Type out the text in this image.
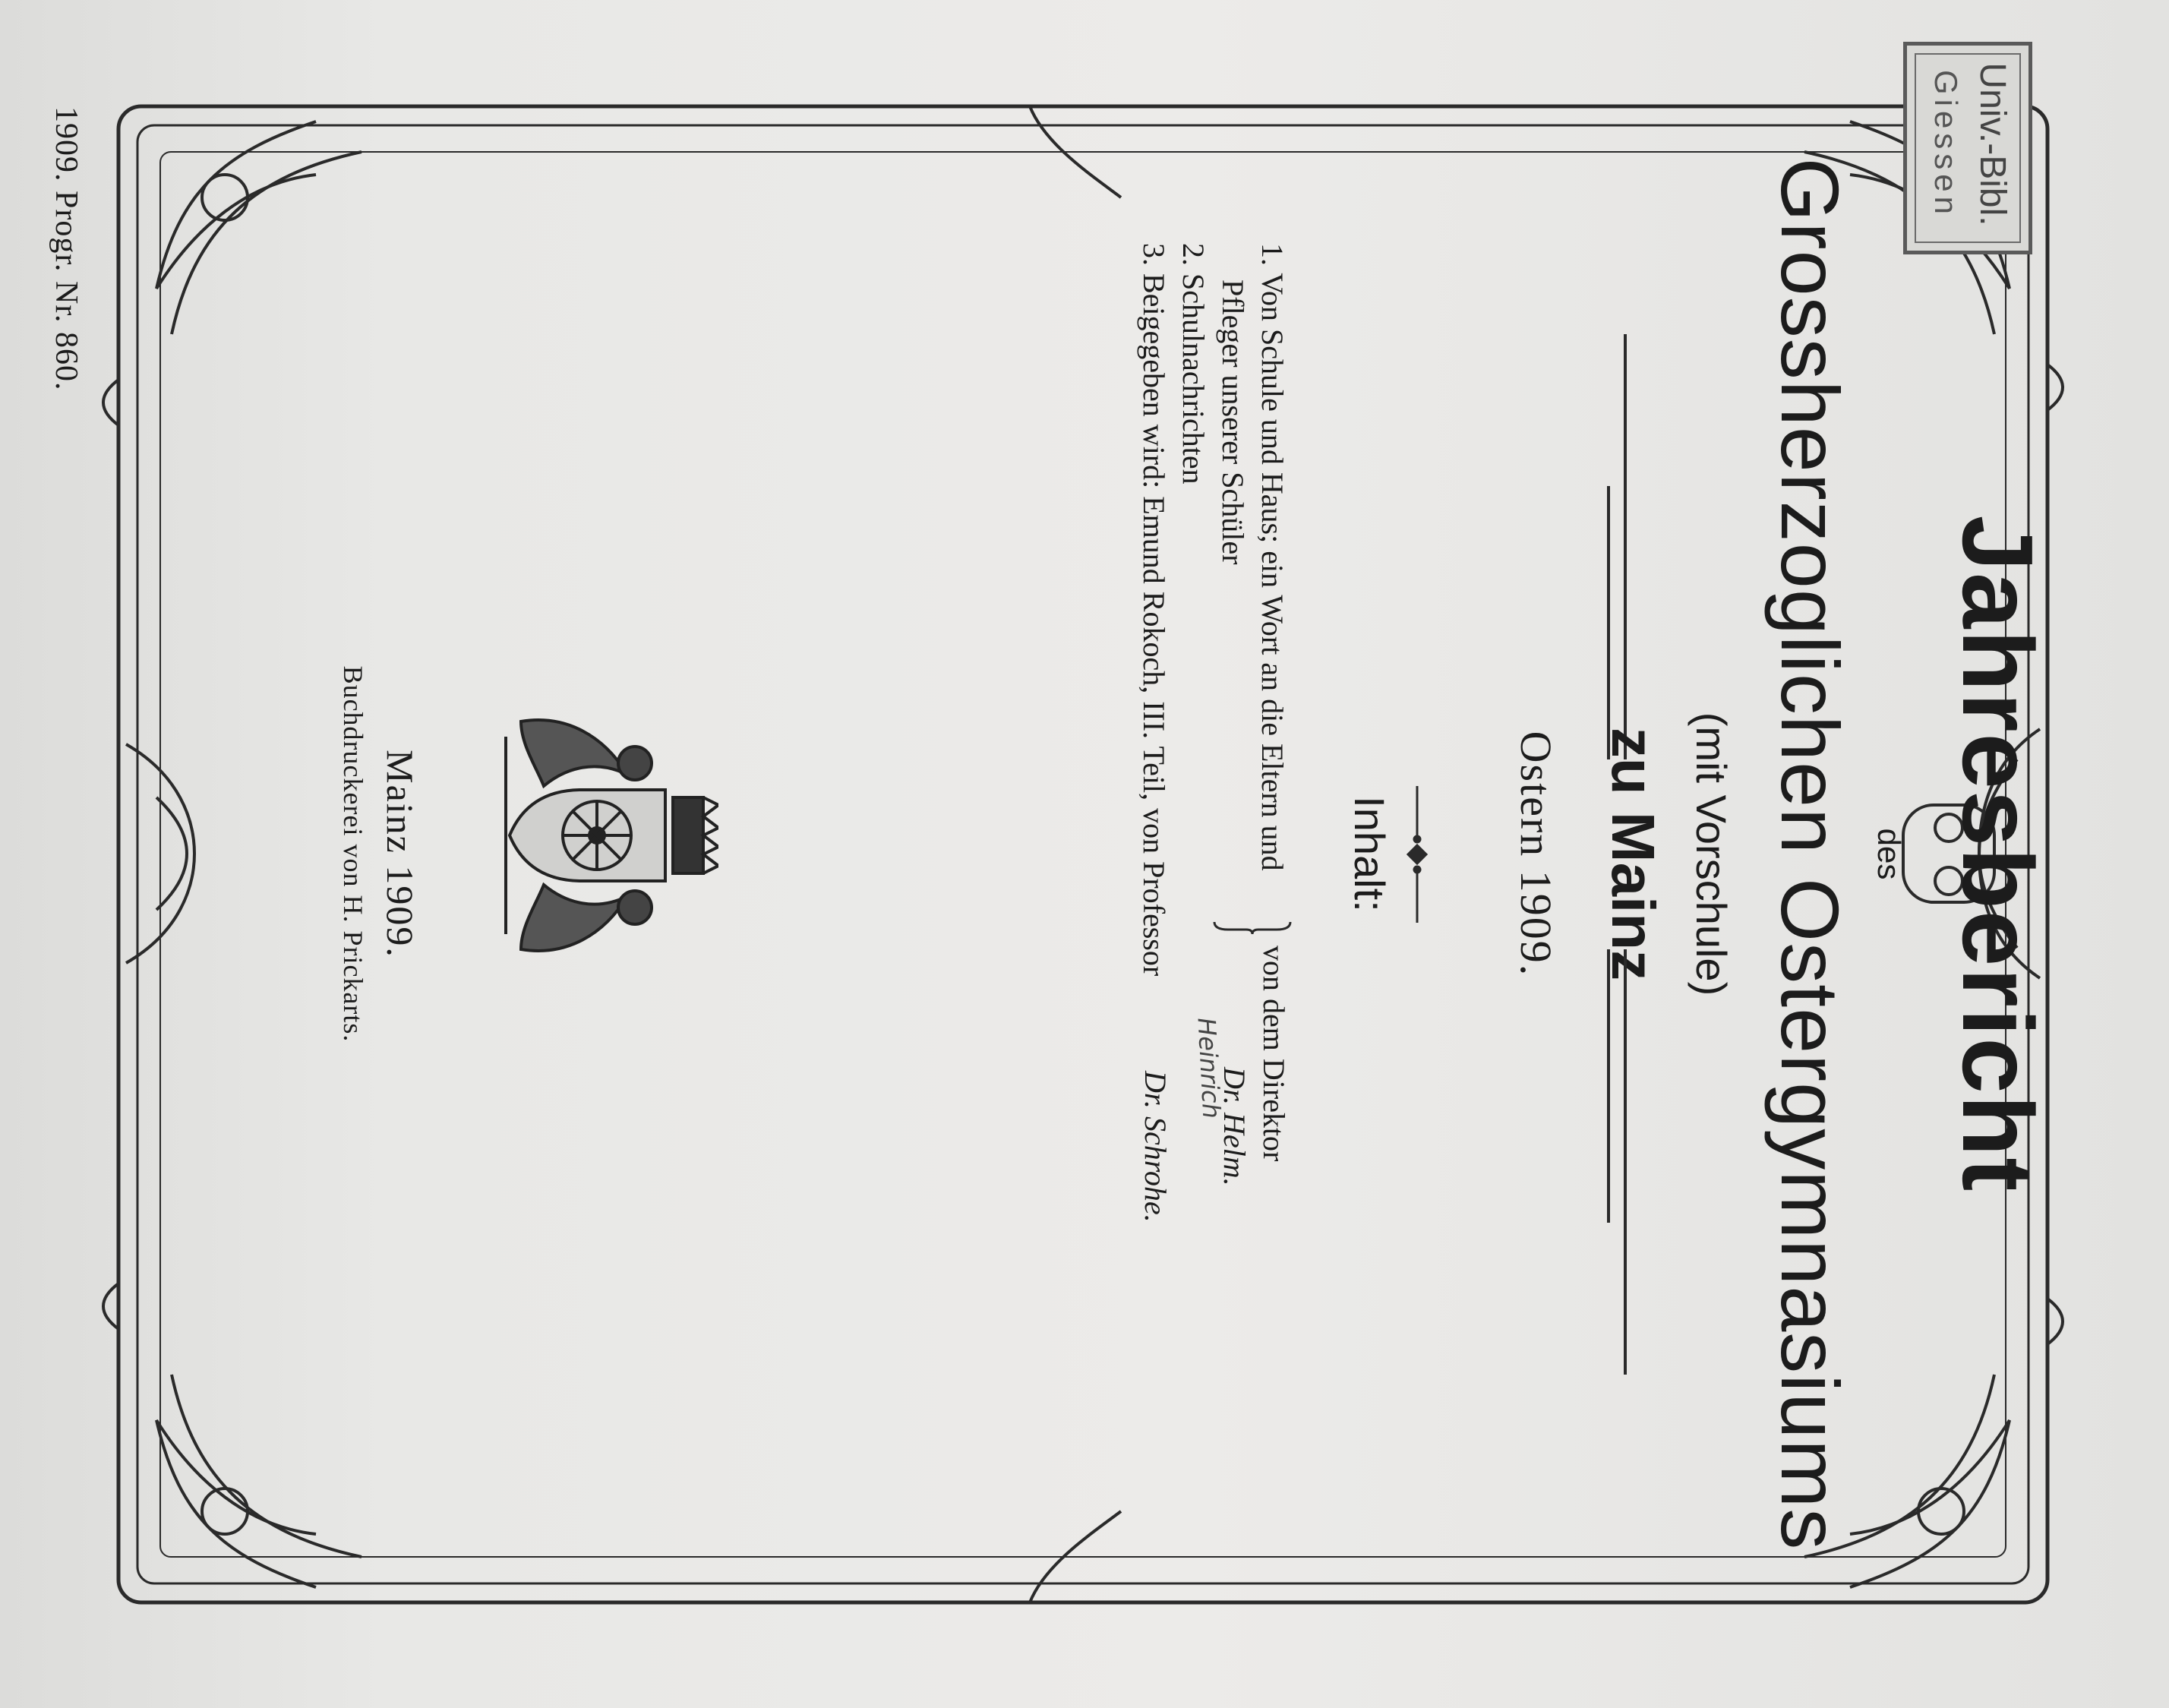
1909. Progr. Nr. 860.
Jahresbericht
des
Grossherzoglichen Ostergymnasiums
(mit Vorschule)
zu Mainz
Ostern 1909.
Inhalt:
1. Von Schule und Haus; ein Wort an die Eltern und
Pfleger unserer Schüler
2. Schulnachrichten
3. Beigegeben wird: Emund Rokoch, III. Teil, von Professor
von dem Direktor
Dr. Helm.
Heinrich
Dr. Schrohe.
Mainz 1909.
Buchdruckerei von H. Prickarts.
Univ.-Bibl.
Giessen
